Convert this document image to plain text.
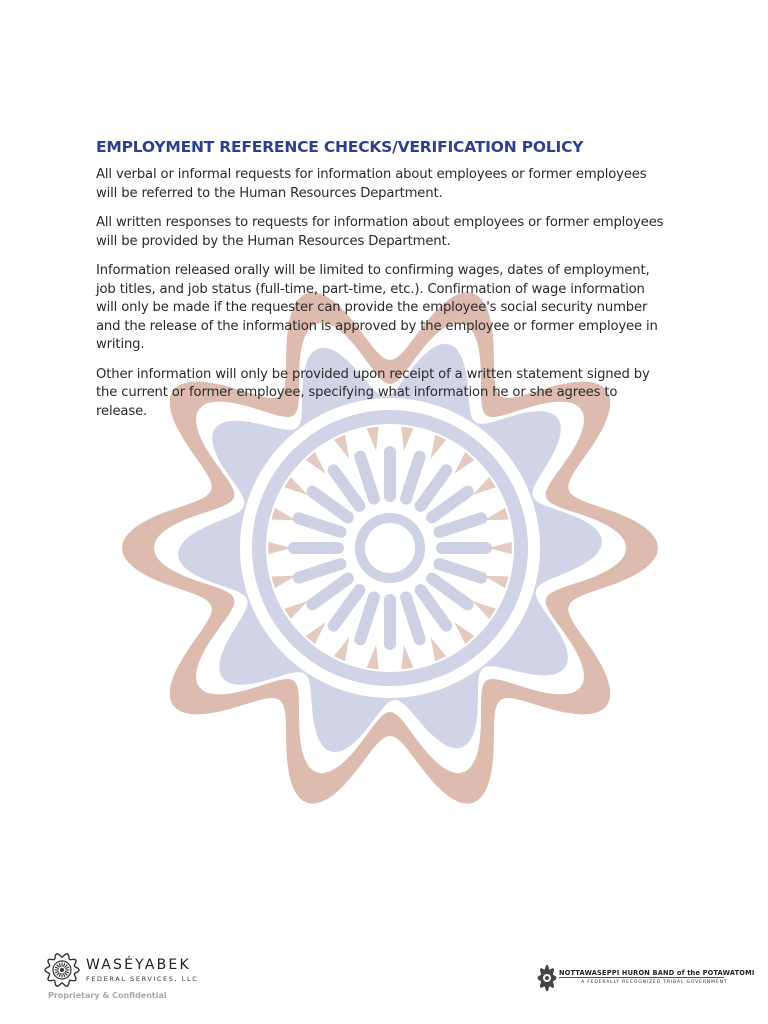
EMPLOYMENT REFERENCE CHECKS/VERIFICATION POLICY

All verbal or informal requests for information about employees or former employees will be referred to the Human Resources Department.

All written responses to requests for information about employees or former employees will be provided by the Human Resources Department.

Information released orally will be limited to confirming wages, dates of employment, job titles, and job status (full-time, part-time, etc.). Confirmation of wage information will only be made if the requester can provide the employee's social security number and the release of the information is approved by the employee or former employee in writing.

Other information will only be provided upon receipt of a written statement signed by the current or former employee, specifying what information he or she agrees to release.

WASÉYABEK
FEDERAL SERVICES, LLC
Proprietary & Confidential
NOTTAWASEPPI HURON BAND of the POTAWATOMI
A FEDERALLY RECOGNIZED TRIBAL GOVERNMENT
